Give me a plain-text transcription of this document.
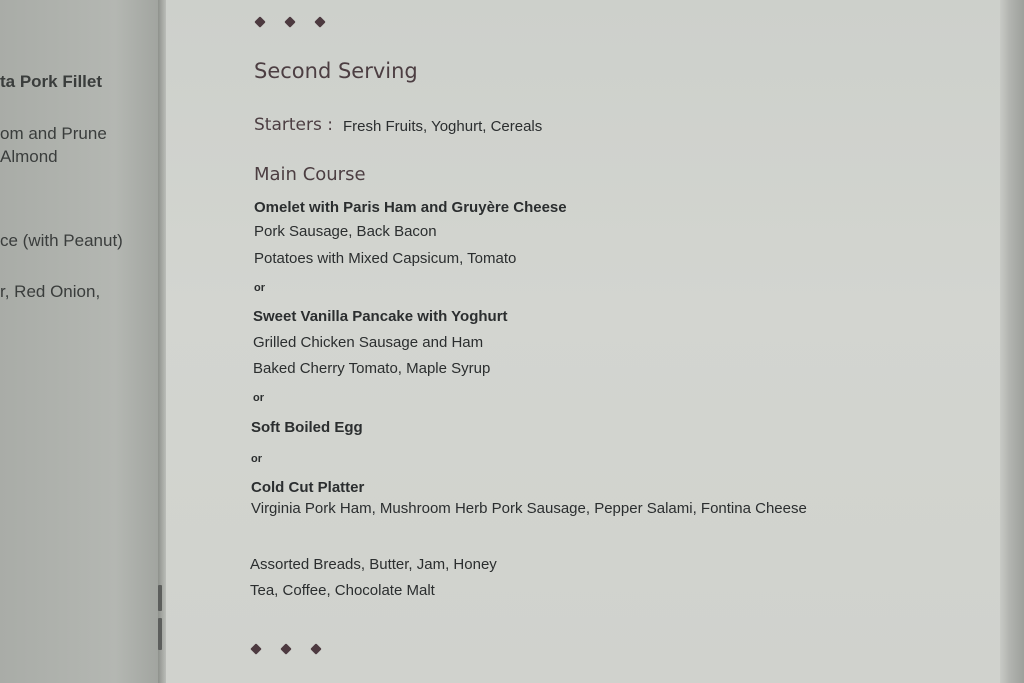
ta Pork Fillet
om and Prune
Almond
ce (with Peanut)
r, Red Onion,
Second Serving
Starters : Fresh Fruits, Yoghurt, Cereals
Main Course
Omelet with Paris Ham and Gruyère Cheese
Pork Sausage, Back Bacon
Potatoes with Mixed Capsicum, Tomato
or
Sweet Vanilla Pancake with Yoghurt
Grilled Chicken Sausage and Ham
Baked Cherry Tomato, Maple Syrup
or
Soft Boiled Egg
or
Cold Cut Platter
Virginia Pork Ham, Mushroom Herb Pork Sausage, Pepper Salami, Fontina Cheese
Assorted Breads, Butter, Jam, Honey
Tea, Coffee, Chocolate Malt
